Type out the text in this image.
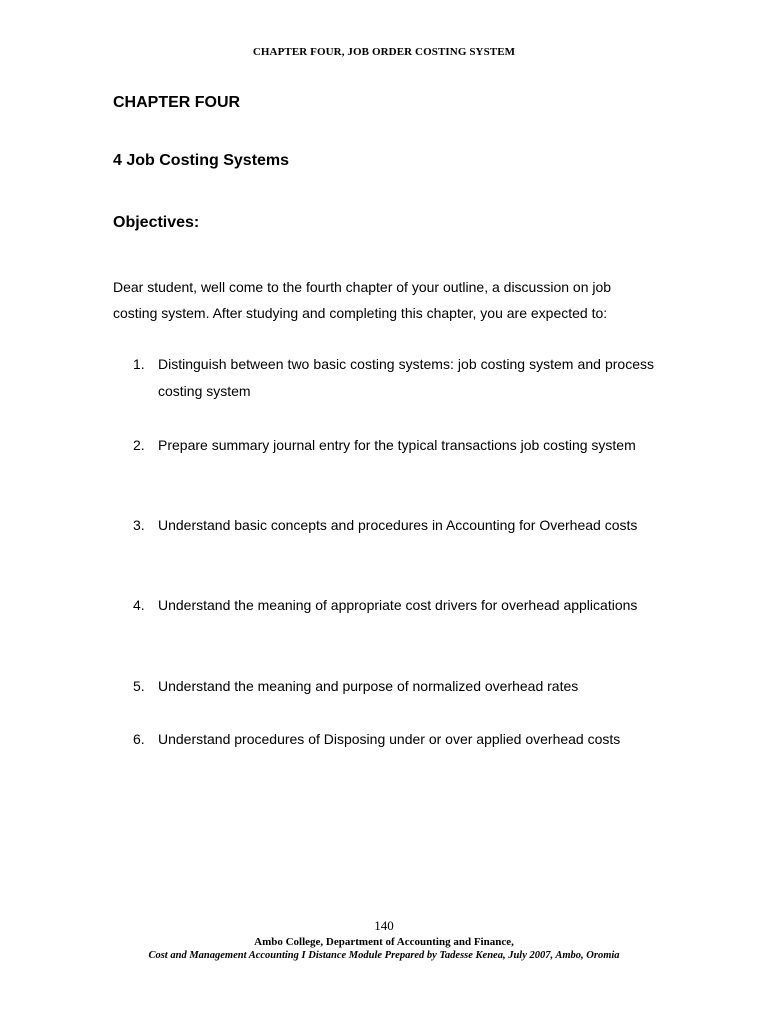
CHAPTER FOUR, JOB ORDER COSTING SYSTEM
CHAPTER FOUR
4 Job Costing Systems
Objectives:

Dear student, well come to the fourth chapter of your outline, a discussion on job costing system. After studying and completing this chapter, you are expected to:

1. Distinguish between two basic costing systems: job costing system and process costing system
2. Prepare summary journal entry for the typical transactions job costing system
3. Understand basic concepts and procedures in Accounting for Overhead costs
4. Understand the meaning of appropriate cost drivers for overhead applications
5. Understand the meaning and purpose of normalized overhead rates
6. Understand procedures of Disposing under or over applied overhead costs
140
Ambo College, Department of Accounting and Finance,
Cost and Management Accounting I Distance Module Prepared by Tadesse Kenea, July 2007, Ambo, Oromia
